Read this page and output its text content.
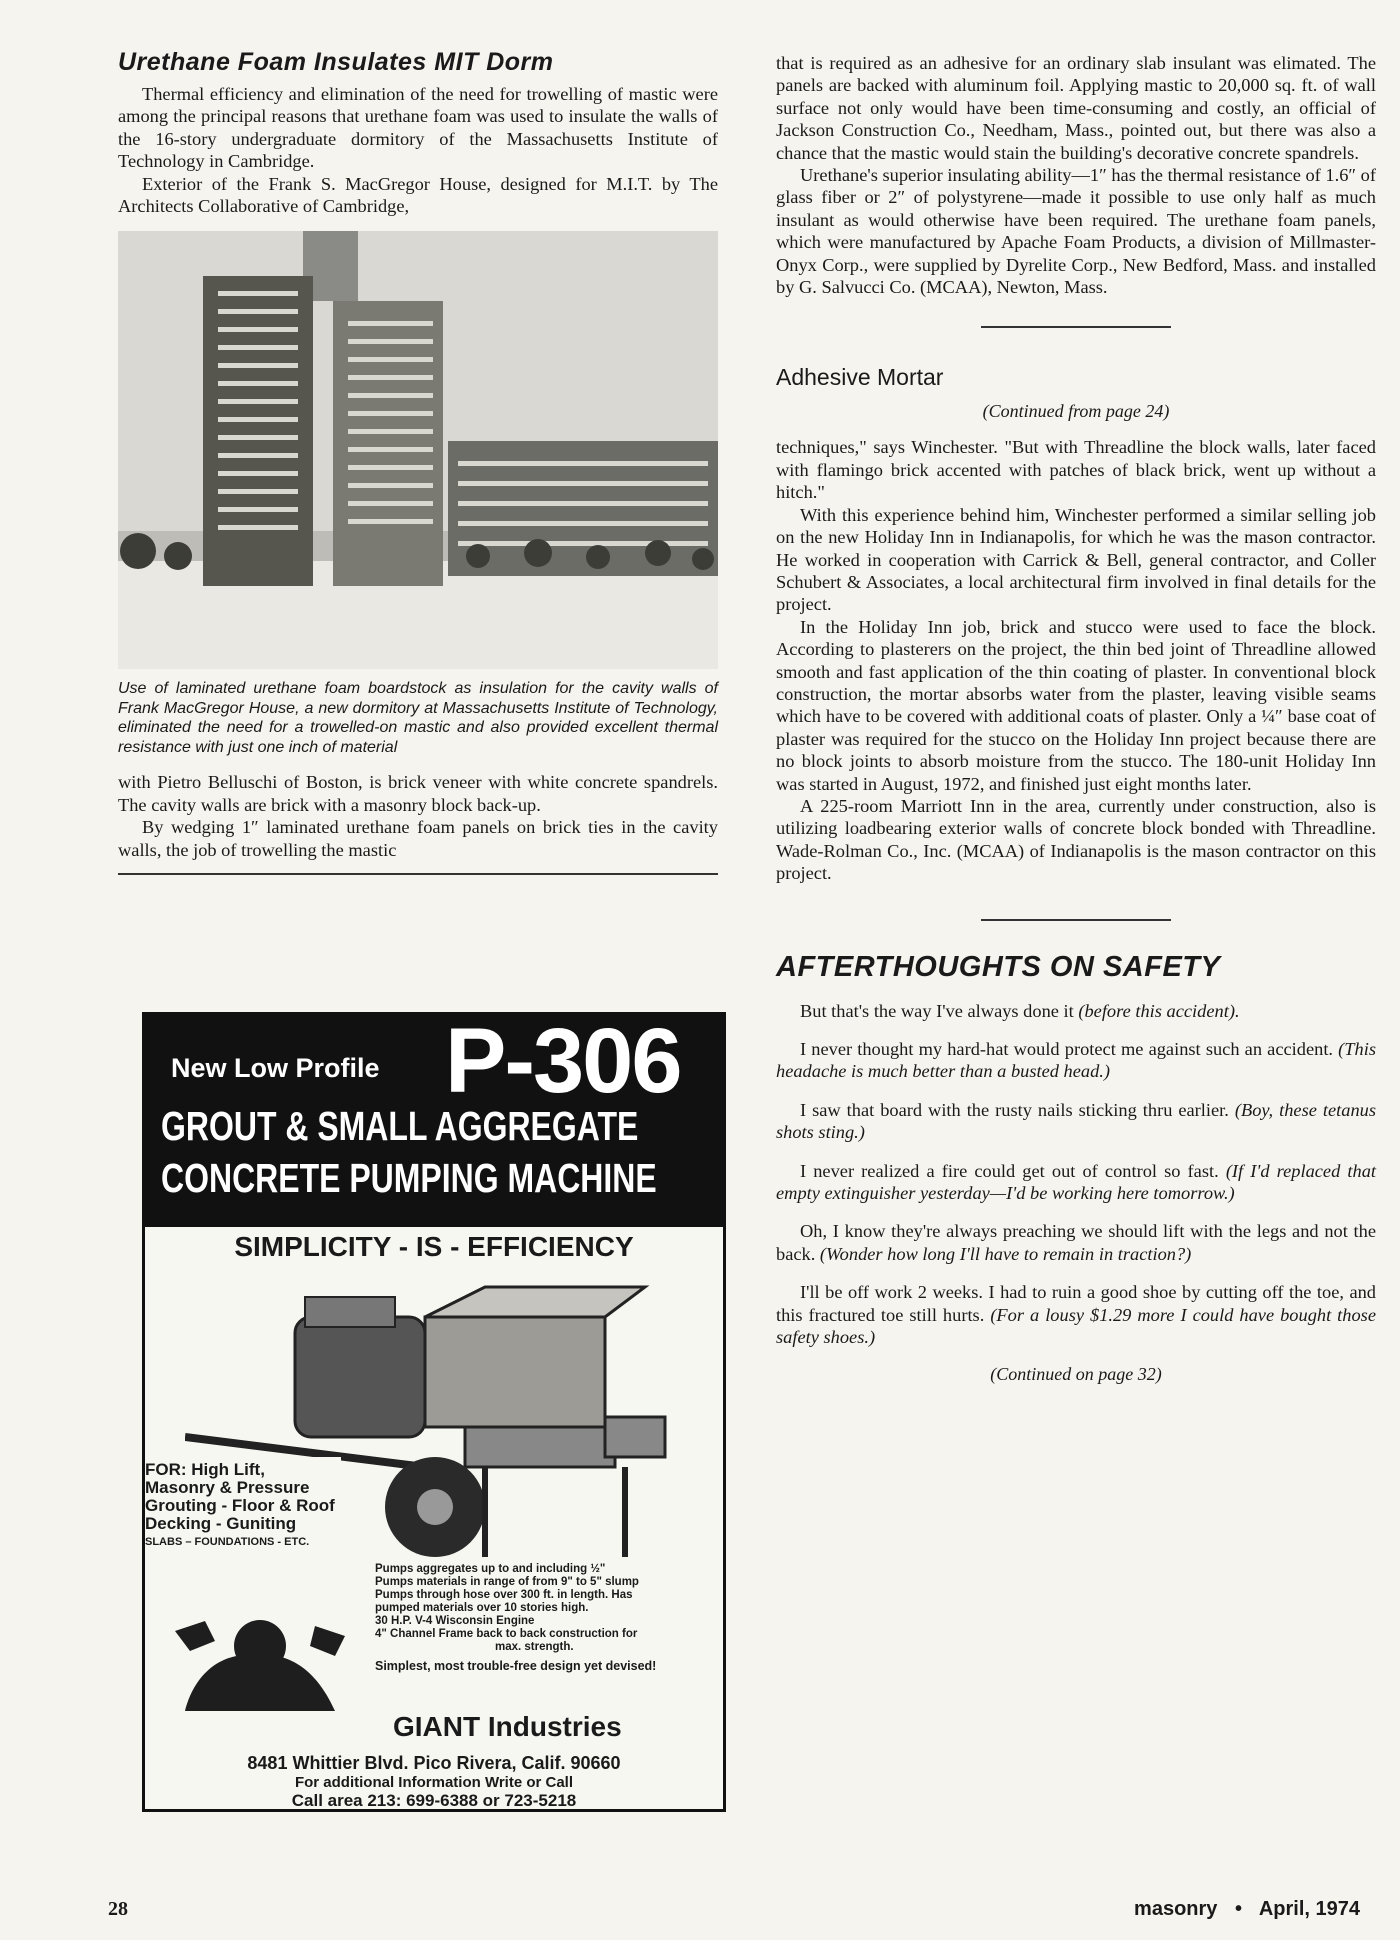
Urethane Foam Insulates MIT Dorm

Thermal efficiency and elimination of the need for trowelling of mastic were among the principal reasons that urethane foam was used to insulate the walls of the 16-story undergraduate dormitory of the Massachusetts Institute of Technology in Cambridge.

Exterior of the Frank S. MacGregor House, designed for M.I.T. by The Architects Collaborative of Cambridge,

Use of laminated urethane foam boardstock as insulation for the cavity walls of Frank MacGregor House, a new dormitory at Massachusetts Institute of Technology, eliminated the need for a trowelled-on mastic and also provided excellent thermal resistance with just one inch of material

with Pietro Belluschi of Boston, is brick veneer with white concrete spandrels. The cavity walls are brick with a masonry block back-up.

By wedging 1″ laminated urethane foam panels on brick ties in the cavity walls, the job of trowelling the mastic

New Low Profile P-306
GROUT & SMALL AGGREGATE
CONCRETE PUMPING MACHINE
SIMPLICITY - IS - EFFICIENCY
FOR: High Lift,
Masonry & Pressure
Grouting - Floor & Roof
Decking - Guniting
SLABS – FOUNDATIONS - ETC.
Pumps aggregates up to and including ½"
Pumps materials in range of from 9" to 5" slump
Pumps through hose over 300 ft. in length. Has
pumped materials over 10 stories high.
30 H.P. V-4 Wisconsin Engine
4" Channel Frame back to back construction for
max. strength.
Simplest, most trouble-free design yet devised!
GIANT Industries
8481 Whittier Blvd. Pico Rivera, Calif. 90660
For additional Information Write or Call
Call area 213: 699-6388 or 723-5218

that is required as an adhesive for an ordinary slab insulant was elimated. The panels are backed with aluminum foil. Applying mastic to 20,000 sq. ft. of wall surface not only would have been time-consuming and costly, an official of Jackson Construction Co., Needham, Mass., pointed out, but there was also a chance that the mastic would stain the building's decorative concrete spandrels.

Urethane's superior insulating ability—1″ has the thermal resistance of 1.6″ of glass fiber or 2″ of polystyrene—made it possible to use only half as much insulant as would otherwise have been required. The urethane foam panels, which were manufactured by Apache Foam Products, a division of Millmaster-Onyx Corp., were supplied by Dyrelite Corp., New Bedford, Mass. and installed by G. Salvucci Co. (MCAA), Newton, Mass.

Adhesive Mortar
(Continued from page 24)

techniques," says Winchester. "But with Threadline the block walls, later faced with flamingo brick accented with patches of black brick, went up without a hitch."

With this experience behind him, Winchester performed a similar selling job on the new Holiday Inn in Indianapolis, for which he was the mason contractor. He worked in cooperation with Carrick & Bell, general contractor, and Coller Schubert & Associates, a local architectural firm involved in final details for the project.

In the Holiday Inn job, brick and stucco were used to face the block. According to plasterers on the project, the thin bed joint of Threadline allowed smooth and fast application of the thin coating of plaster. In conventional block construction, the mortar absorbs water from the plaster, leaving visible seams which have to be covered with additional coats of plaster. Only a ¼″ base coat of plaster was required for the stucco on the Holiday Inn project because there are no block joints to absorb moisture from the stucco. The 180-unit Holiday Inn was started in August, 1972, and finished just eight months later.

A 225-room Marriott Inn in the area, currently under construction, also is utilizing loadbearing exterior walls of concrete block bonded with Threadline. Wade-Rolman Co., Inc. (MCAA) of Indianapolis is the mason contractor on this project.

AFTERTHOUGHTS ON SAFETY

But that's the way I've always done it (before this accident).

I never thought my hard-hat would protect me against such an accident. (This headache is much better than a busted head.)

I saw that board with the rusty nails sticking thru earlier. (Boy, these tetanus shots sting.)

I never realized a fire could get out of control so fast. (If I'd replaced that empty extinguisher yesterday—I'd be working here tomorrow.)

Oh, I know they're always preaching we should lift with the legs and not the back. (Wonder how long I'll have to remain in traction?)

I'll be off work 2 weeks. I had to ruin a good shoe by cutting off the toe, and this fractured toe still hurts. (For a lousy $1.29 more I could have bought those safety shoes.)

(Continued on page 32)
28	masonry • April, 1974
